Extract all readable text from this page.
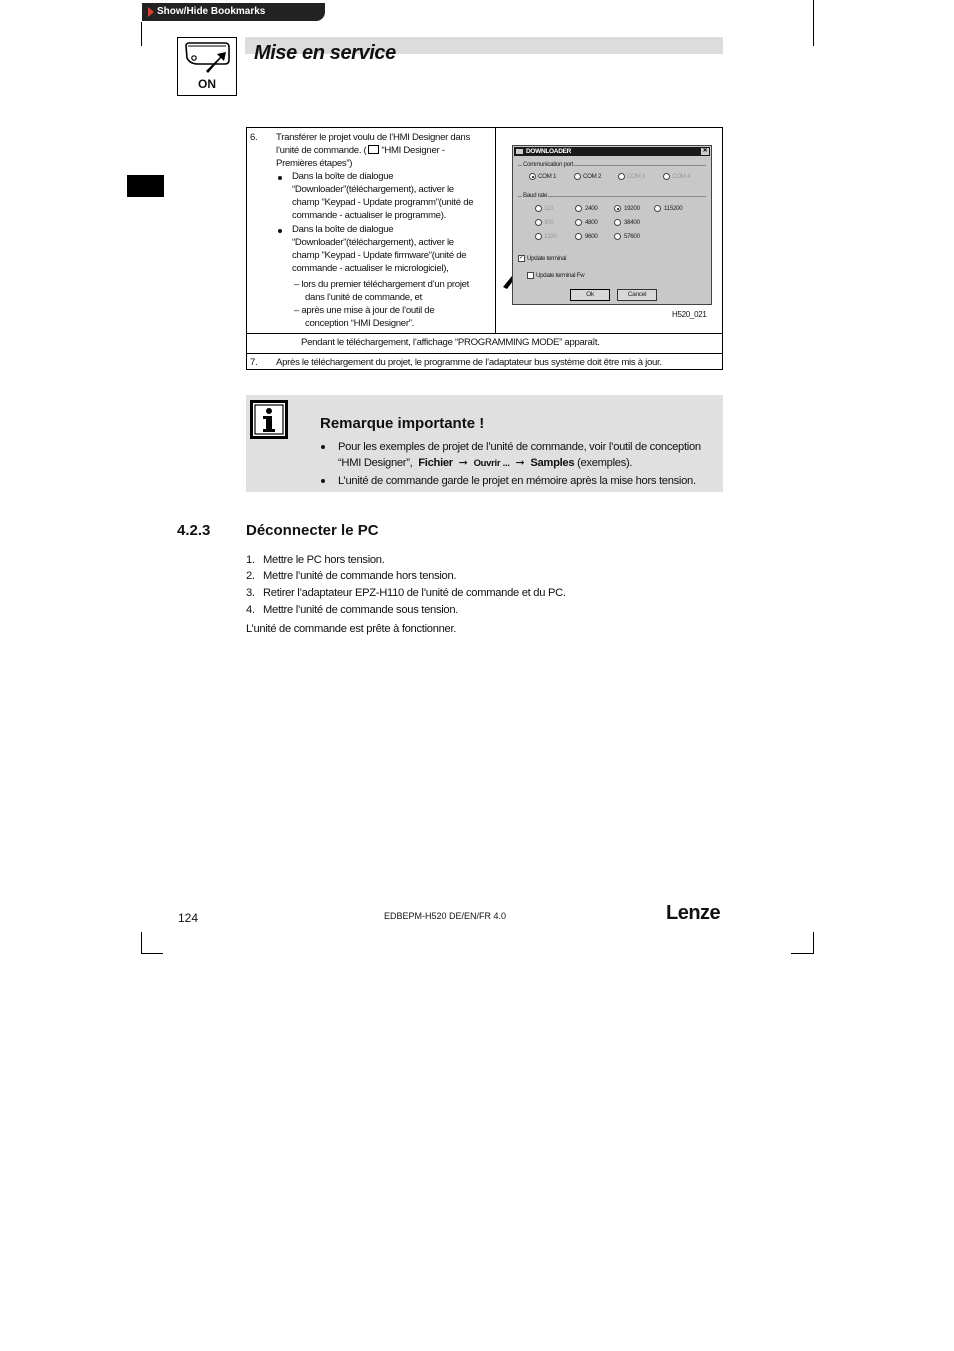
Show/Hide Bookmarks
ON
Mise en service
6. Transférer le projet voulu de l’HMI Designer dans
l’unité de commande. ( “HMI Designer -
Premières étapes”)
Dans la boîte de dialogue
“Downloader”(téléchargement), activer le
champ ”Keypad - Update programm”(unité de
commande - actualiser le programme).
Dans la boîte de dialogue
“Downloader”(téléchargement), activer le
champ ”Keypad - Update firmware”(unité de
commande - actualiser le micrologiciel),
– lors du premier téléchargement d’un projet
dans l’unité de commande, et
– après une mise à jour de l’outil de
conception “HMI Designer”.
H520_021
Pendant le téléchargement, l’affichage “PROGRAMMING MODE” apparaît.
7. Après le téléchargement du projet, le programme de l’adaptateur bus système doit être mis à jour.
DOWNLOADER	✕
Communication port
COM 1	COM 2	COM 3	COM 4
Baud rate
110
300
1200
2400
4800
9600
19200
38400
57600
115200
✓ Update terminal
Update terminal Fw
Ok	Cancel
Remarque importante !
Pour les exemples de projet de l’unité de commande, voir l’outil de conception
“HMI Designer”, Fichier ➞ Ouvrir ... ➞ Samples (exemples).
L’unité de commande garde le projet en mémoire après la mise hors tension.
4.2.3 Déconnecter le PC
1. Mettre le PC hors tension.
2. Mettre l’unité de commande hors tension.
3. Retirer l’adaptateur EPZ-H110 de l’unité de commande et du PC.
4. Mettre l’unité de commande sous tension.
L’unité de commande est prête à fonctionner.
124	EDBEPM-H520 DE/EN/FR 4.0	Lenze
